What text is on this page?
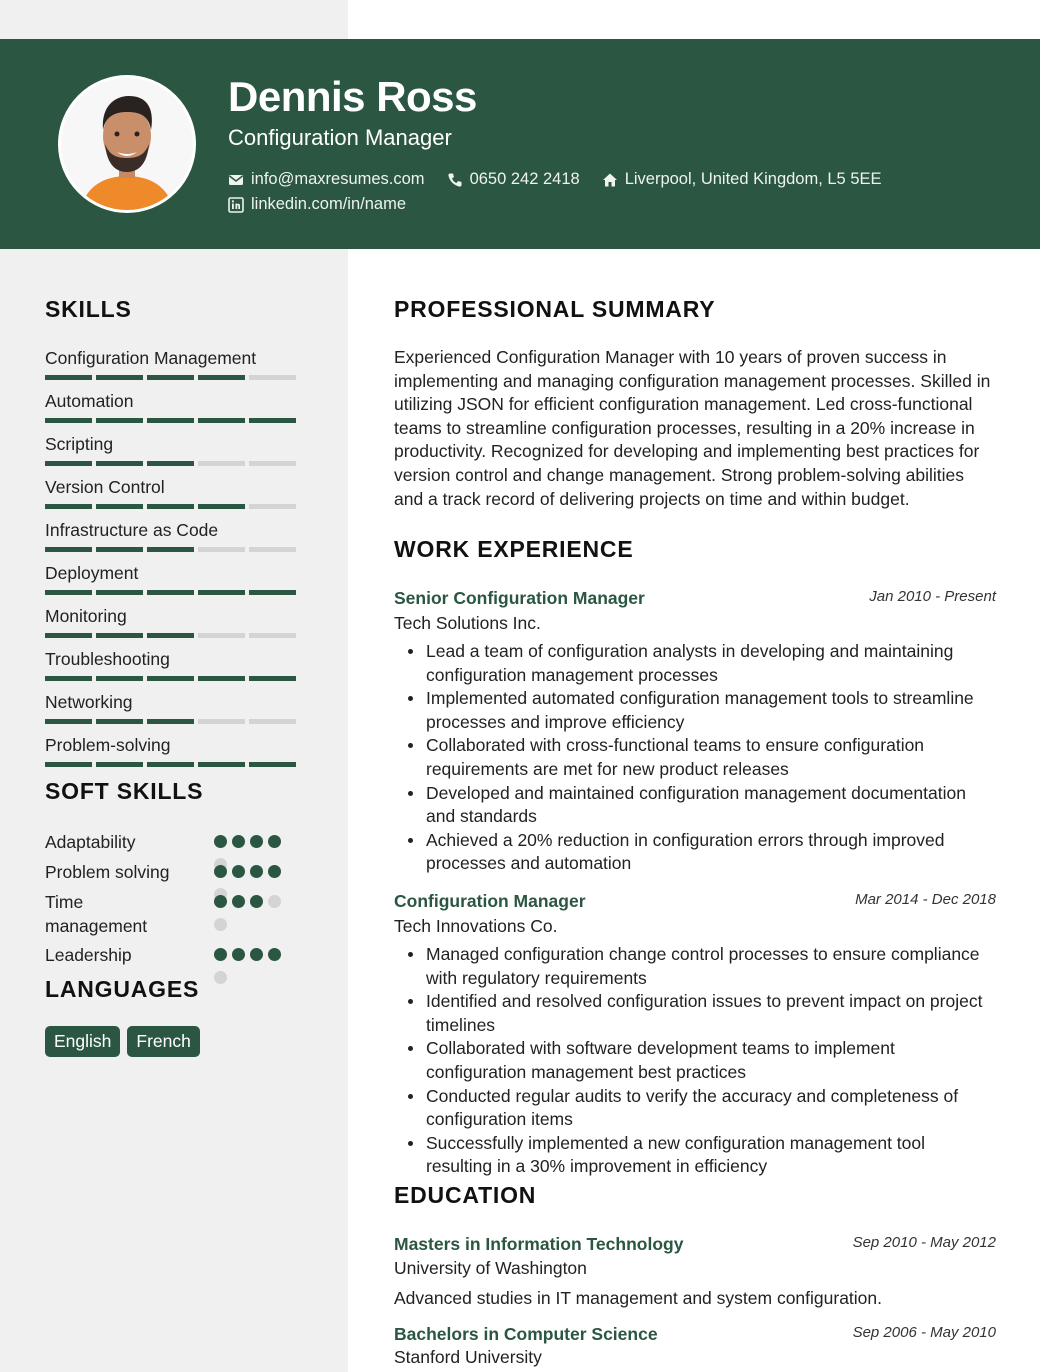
Dennis Ross
Configuration Manager
info@maxresumes.com	0650 242 2418	Liverpool, United Kingdom, L5 5EE
linkedin.com/in/name
SKILLS
Configuration Management
Automation
Scripting
Version Control
Infrastructure as Code
Deployment
Monitoring
Troubleshooting
Networking
Problem-solving
SOFT SKILLS
Adaptability
Problem solving
Time management
Leadership
LANGUAGES
English	French
PROFESSIONAL SUMMARY
Experienced Configuration Manager with 10 years of proven success in implementing and managing configuration management processes. Skilled in utilizing JSON for efficient configuration management. Led cross-functional teams to streamline configuration processes, resulting in a 20% increase in productivity. Recognized for developing and implementing best practices for version control and change management. Strong problem-solving abilities and a track record of delivering projects on time and within budget.
WORK EXPERIENCE
Senior Configuration Manager	Jan 2010 - Present
Tech Solutions Inc.
Lead a team of configuration analysts in developing and maintaining configuration management processes
Implemented automated configuration management tools to streamline processes and improve efficiency
Collaborated with cross-functional teams to ensure configuration requirements are met for new product releases
Developed and maintained configuration management documentation and standards
Achieved a 20% reduction in configuration errors through improved processes and automation
Configuration Manager	Mar 2014 - Dec 2018
Tech Innovations Co.
Managed configuration change control processes to ensure compliance with regulatory requirements
Identified and resolved configuration issues to prevent impact on project timelines
Collaborated with software development teams to implement configuration management best practices
Conducted regular audits to verify the accuracy and completeness of configuration items
Successfully implemented a new configuration management tool resulting in a 30% improvement in efficiency
EDUCATION
Masters in Information Technology	Sep 2010 - May 2012
University of Washington
Advanced studies in IT management and system configuration.
Bachelors in Computer Science	Sep 2006 - May 2010
Stanford University
